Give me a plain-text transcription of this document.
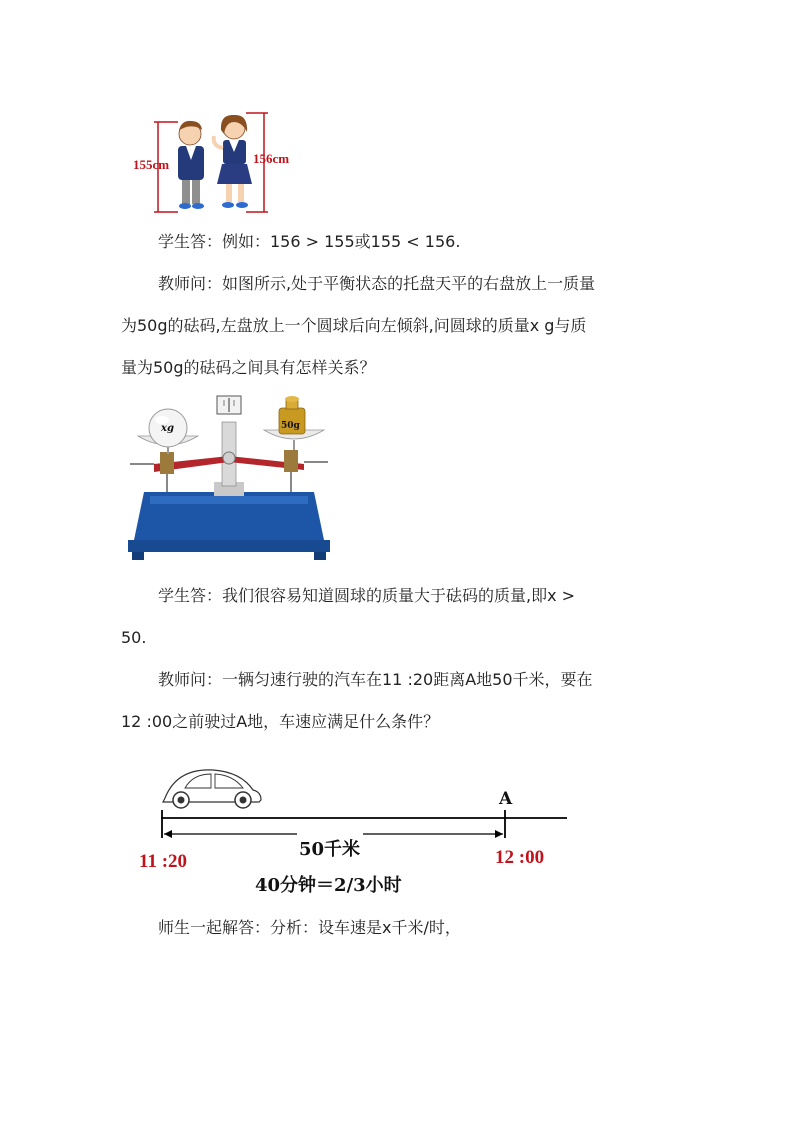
155cm	156cm
学生答：例如：156 > 155或155 < 156.
教师问：如图所示,处于平衡状态的托盘天平的右盘放上一质量
为50g的砝码,左盘放上一个圆球后向左倾斜,问圆球的质量x g与质
量为50g的砝码之间具有怎样关系？
xg	50g
学生答：我们很容易知道圆球的质量大于砝码的质量,即x >
50.
教师问：一辆匀速行驶的汽车在11 :20距离A地50千米，要在
12 :00之前驶过A地，车速应满足什么条件？
A
50千米
11 :20	12 :00
40分钟＝2/3小时
师生一起解答：分析：设车速是x千米/时，
